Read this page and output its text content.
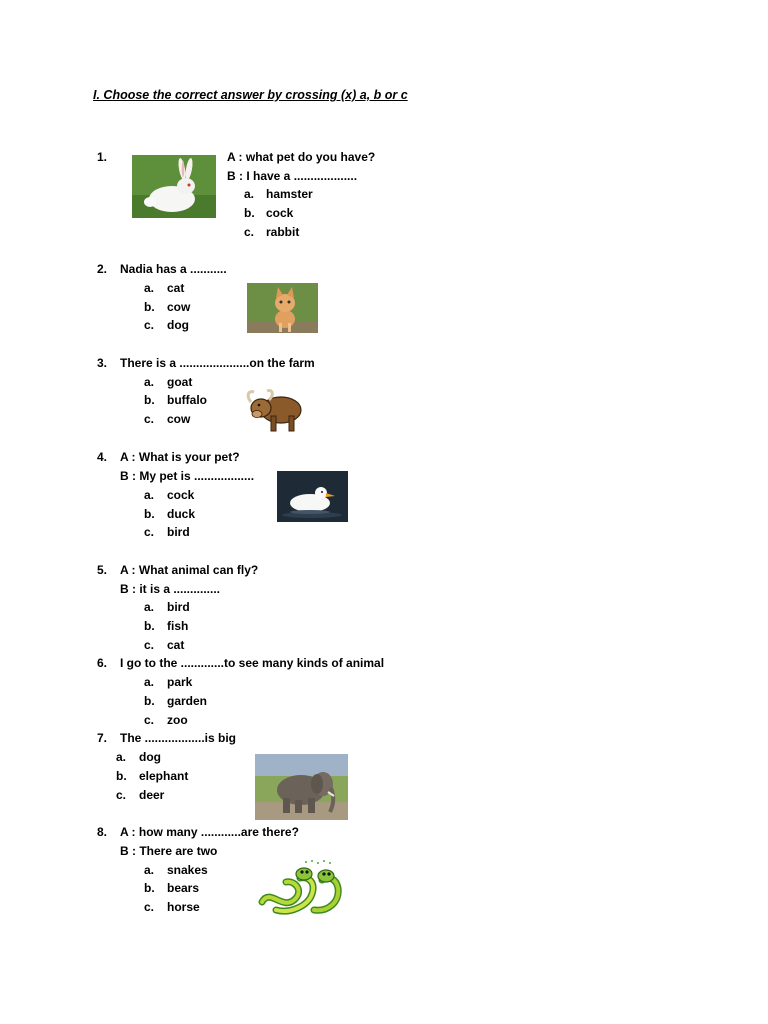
I. Choose the correct answer by crossing (x) a, b or c
1.	A : what pet do you have?
B : I have a ...................
a. hamster
b. cock
c. rabbit
2. Nadia has a ...........
a. cat
b. cow
c. dog
3. There is a .....................on the farm
a. goat
b. buffalo
c. cow
4. A : What is your pet?
B : My pet is ..................
a. cock
b. duck
c. bird
5. A : What animal can fly?
B : it is a ..............
a. bird
b. fish
c. cat
6. I go to the .............to see many kinds of animal
a. park
b. garden
c. zoo
7. The ..................is big
a. dog
b. elephant
c. deer
8. A : how many ............are there?
B : There are two
a. snakes
b. bears
c. horse
